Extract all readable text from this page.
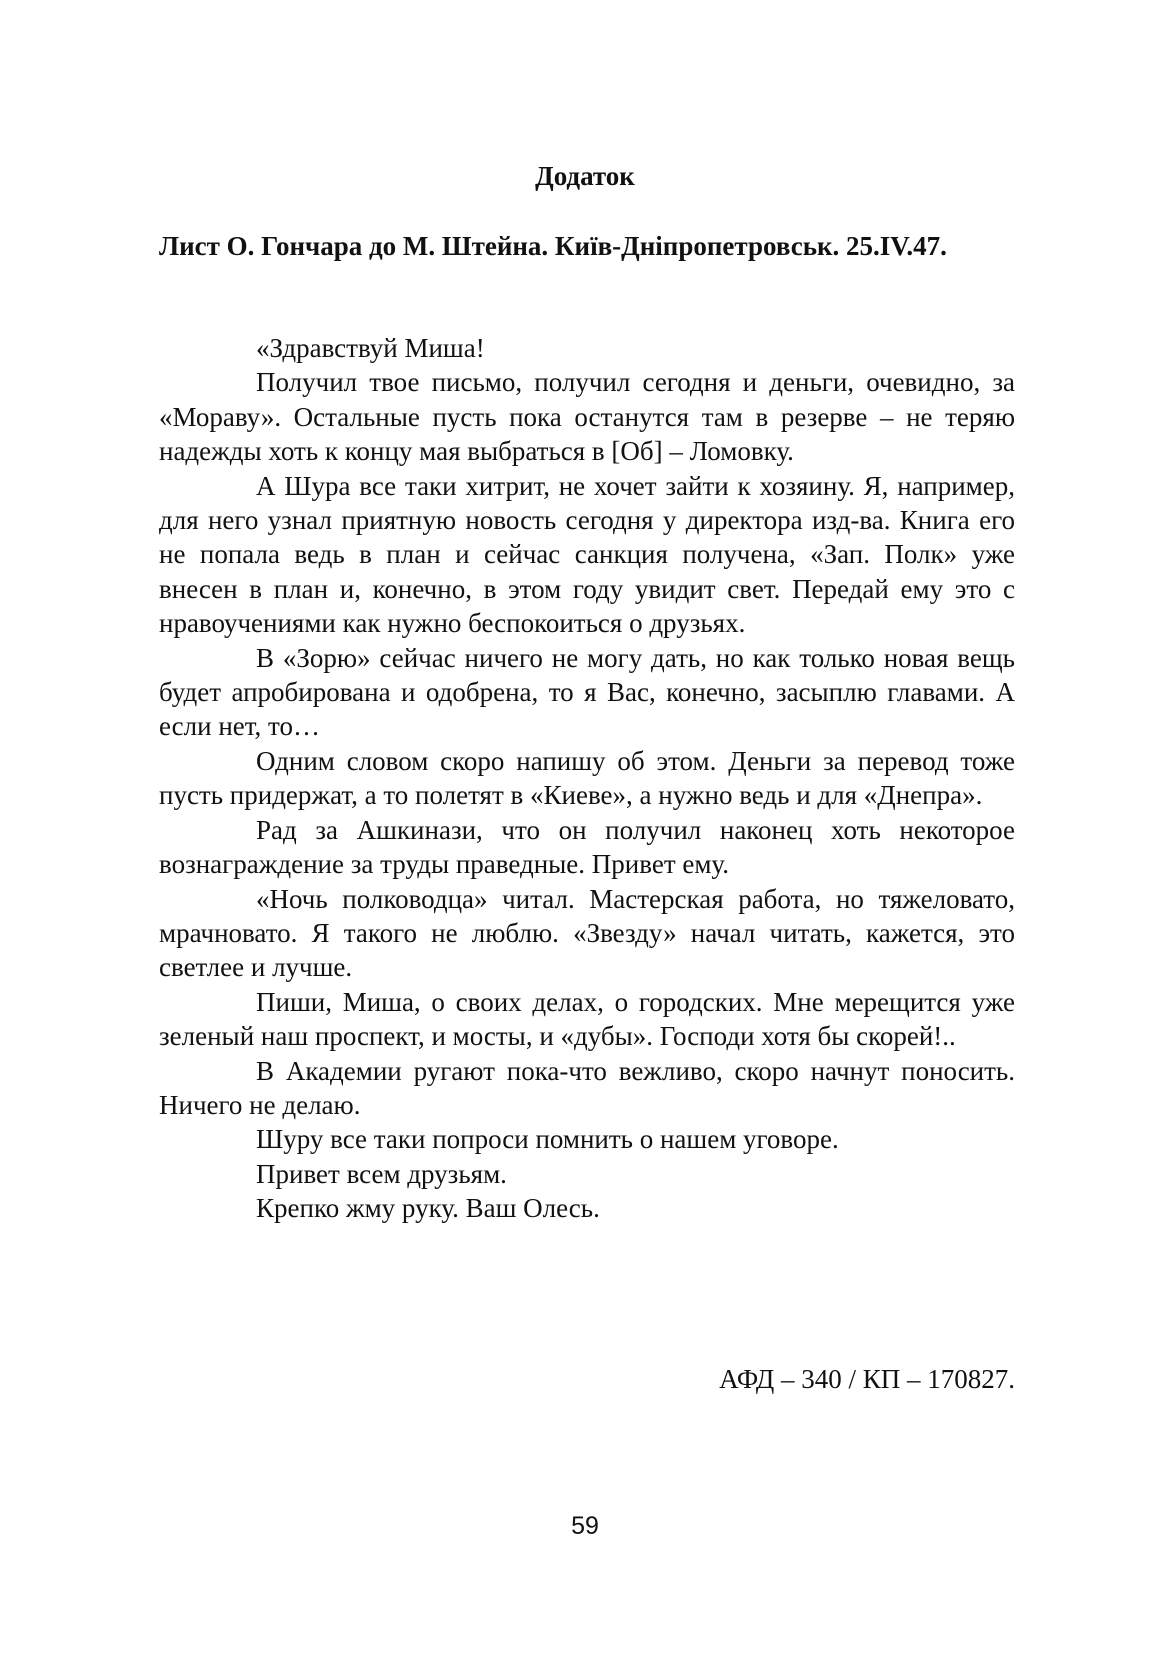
Додаток
Лист О. Гончара до М. Штейна. Київ-Дніпропетровськ. 25.IV.47.

«Здравствуй Миша!

Получил твое письмо, получил сегодня и деньги, очевидно, за «Мораву». Остальные пусть пока останутся там в резерве – не теряю надежды хоть к концу мая выбраться в [Об] – Ломовку.

А Шура все таки хитрит, не хочет зайти к хозяину. Я, например, для него узнал приятную новость сегодня у директора изд-ва. Книга его не попала ведь в план и сейчас санкция получена, «Зап. Полк» уже внесен в план и, конечно, в этом году увидит свет. Передай ему это с нравоучениями как нужно беспокоиться о друзьях.

В «Зорю» сейчас ничего не могу дать, но как только новая вещь будет апробирована и одобрена, то я Вас, конечно, засыплю главами. А если нет, то…

Одним словом скоро напишу об этом. Деньги за перевод тоже пусть придержат, а то полетят в «Киеве», а нужно ведь и для «Днепра».

Рад за Ашкинази, что он получил наконец хоть некоторое вознаграждение за труды праведные. Привет ему.

«Ночь полководца» читал. Мастерская работа, но тяжеловато, мрачновато. Я такого не люблю. «Звезду» начал читать, кажется, это светлее и лучше.

Пиши, Миша, о своих делах, о городских. Мне мерещится уже зеленый наш проспект, и мосты, и «дубы». Господи хотя бы скорей!..

В Академии ругают пока-что вежливо, скоро начнут поносить. Ничего не делаю.

Шуру все таки попроси помнить о нашем уговоре.

Привет всем друзьям.

Крепко жму руку. Ваш Олесь.

АФД – 340 / КП – 170827.
59
